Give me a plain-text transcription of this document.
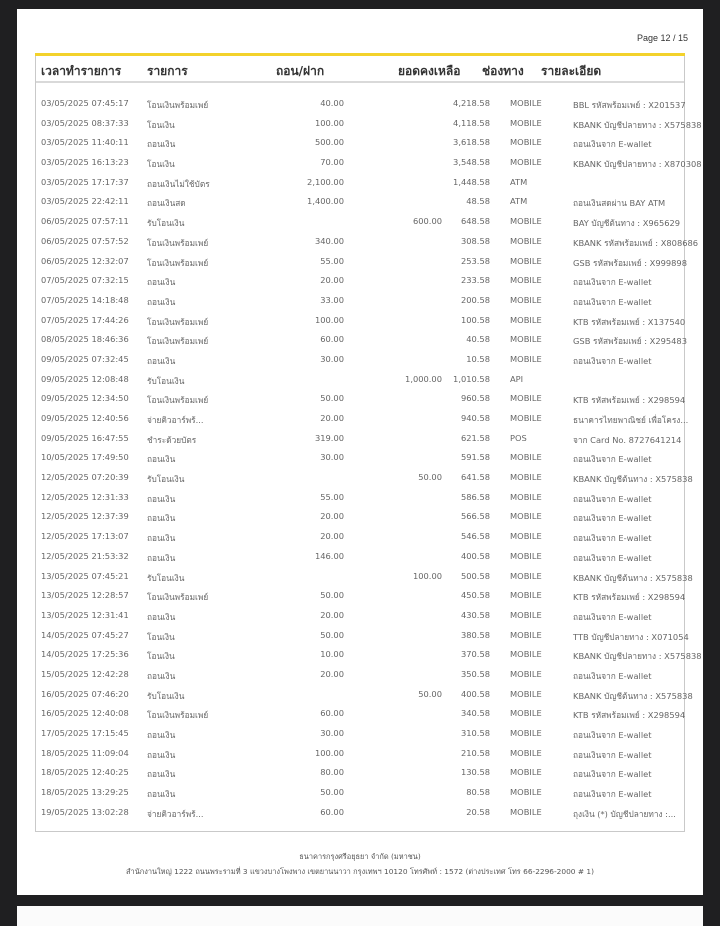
Page 12 / 15
เวลาทำรายการ รายการ	ถอน/ฝาก	ยอดคงเหลือ ช่องทาง รายละเอียด
03/05/2025 07:45:17 โอนเงินพร้อมเพย์	40.00	4,218.58 MOBILE	BBL รหัสพร้อมเพย์ : X201537
03/05/2025 08:37:33 โอนเงิน	100.00	4,118.58 MOBILE	KBANK บัญชีปลายทาง : X575838
03/05/2025 11:40:11 ถอนเงิน	500.00	3,618.58 MOBILE	ถอนเงินจาก E-wallet
03/05/2025 16:13:23 โอนเงิน	70.00	3,548.58 MOBILE	KBANK บัญชีปลายทาง : X870308
03/05/2025 17:17:37 ถอนเงินไม่ใช้บัตร	2,100.00	1,448.58 ATM
03/05/2025 22:42:11 ถอนเงินสด	1,400.00	48.58 ATM	ถอนเงินสดผ่าน BAY ATM
06/05/2025 07:57:11 รับโอนเงิน	600.00	648.58 MOBILE	BAY บัญชีต้นทาง : X965629
06/05/2025 07:57:52 โอนเงินพร้อมเพย์	340.00	308.58 MOBILE	KBANK รหัสพร้อมเพย์ : X808686
06/05/2025 12:32:07 โอนเงินพร้อมเพย์	55.00	253.58 MOBILE	GSB รหัสพร้อมเพย์ : X999898
07/05/2025 07:32:15 ถอนเงิน	20.00	233.58 MOBILE	ถอนเงินจาก E-wallet
07/05/2025 14:18:48 ถอนเงิน	33.00	200.58 MOBILE	ถอนเงินจาก E-wallet
07/05/2025 17:44:26 โอนเงินพร้อมเพย์	100.00	100.58 MOBILE	KTB รหัสพร้อมเพย์ : X137540
08/05/2025 18:46:36 โอนเงินพร้อมเพย์	60.00	40.58 MOBILE	GSB รหัสพร้อมเพย์ : X295483
09/05/2025 07:32:45 ถอนเงิน	30.00	10.58 MOBILE	ถอนเงินจาก E-wallet
09/05/2025 12:08:48 รับโอนเงิน	1,000.00	1,010.58 API
09/05/2025 12:34:50 โอนเงินพร้อมเพย์	50.00	960.58 MOBILE	KTB รหัสพร้อมเพย์ : X298594
09/05/2025 12:40:56 จ่ายคิวอาร์พร้...	20.00	940.58 MOBILE	ธนาคารไทยพาณิชย์ เพื่อโครง...
09/05/2025 16:47:55 ชำระด้วยบัตร	319.00	621.58 POS	จาก Card No. 8727641214
10/05/2025 17:49:50 ถอนเงิน	30.00	591.58 MOBILE	ถอนเงินจาก E-wallet
12/05/2025 07:20:39 รับโอนเงิน	50.00	641.58 MOBILE	KBANK บัญชีต้นทาง : X575838
12/05/2025 12:31:33 ถอนเงิน	55.00	586.58 MOBILE	ถอนเงินจาก E-wallet
12/05/2025 12:37:39 ถอนเงิน	20.00	566.58 MOBILE	ถอนเงินจาก E-wallet
12/05/2025 17:13:07 ถอนเงิน	20.00	546.58 MOBILE	ถอนเงินจาก E-wallet
12/05/2025 21:53:32 ถอนเงิน	146.00	400.58 MOBILE	ถอนเงินจาก E-wallet
13/05/2025 07:45:21 รับโอนเงิน	100.00	500.58 MOBILE	KBANK บัญชีต้นทาง : X575838
13/05/2025 12:28:57 โอนเงินพร้อมเพย์	50.00	450.58 MOBILE	KTB รหัสพร้อมเพย์ : X298594
13/05/2025 12:31:41 ถอนเงิน	20.00	430.58 MOBILE	ถอนเงินจาก E-wallet
14/05/2025 07:45:27 โอนเงิน	50.00	380.58 MOBILE	TTB บัญชีปลายทาง : X071054
14/05/2025 17:25:36 โอนเงิน	10.00	370.58 MOBILE	KBANK บัญชีปลายทาง : X575838
15/05/2025 12:42:28 ถอนเงิน	20.00	350.58 MOBILE	ถอนเงินจาก E-wallet
16/05/2025 07:46:20 รับโอนเงิน	50.00	400.58 MOBILE	KBANK บัญชีต้นทาง : X575838
16/05/2025 12:40:08 โอนเงินพร้อมเพย์	60.00	340.58 MOBILE	KTB รหัสพร้อมเพย์ : X298594
17/05/2025 17:15:45 ถอนเงิน	30.00	310.58 MOBILE	ถอนเงินจาก E-wallet
18/05/2025 11:09:04 ถอนเงิน	100.00	210.58 MOBILE	ถอนเงินจาก E-wallet
18/05/2025 12:40:25 ถอนเงิน	80.00	130.58 MOBILE	ถอนเงินจาก E-wallet
18/05/2025 13:29:25 ถอนเงิน	50.00	80.58 MOBILE	ถอนเงินจาก E-wallet
19/05/2025 13:02:28 จ่ายคิวอาร์พร้...	60.00	20.58 MOBILE	ถุงเงิน (*) บัญชีปลายทาง :...
ธนาคารกรุงศรีอยุธยา จำกัด (มหาชน)
สำนักงานใหญ่ 1222 ถนนพระรามที่ 3 แขวงบางโพงพาง เขตยานนาวา กรุงเทพฯ 10120 โทรศัพท์ : 1572 (ต่างประเทศ โทร 66-2296-2000 # 1)
